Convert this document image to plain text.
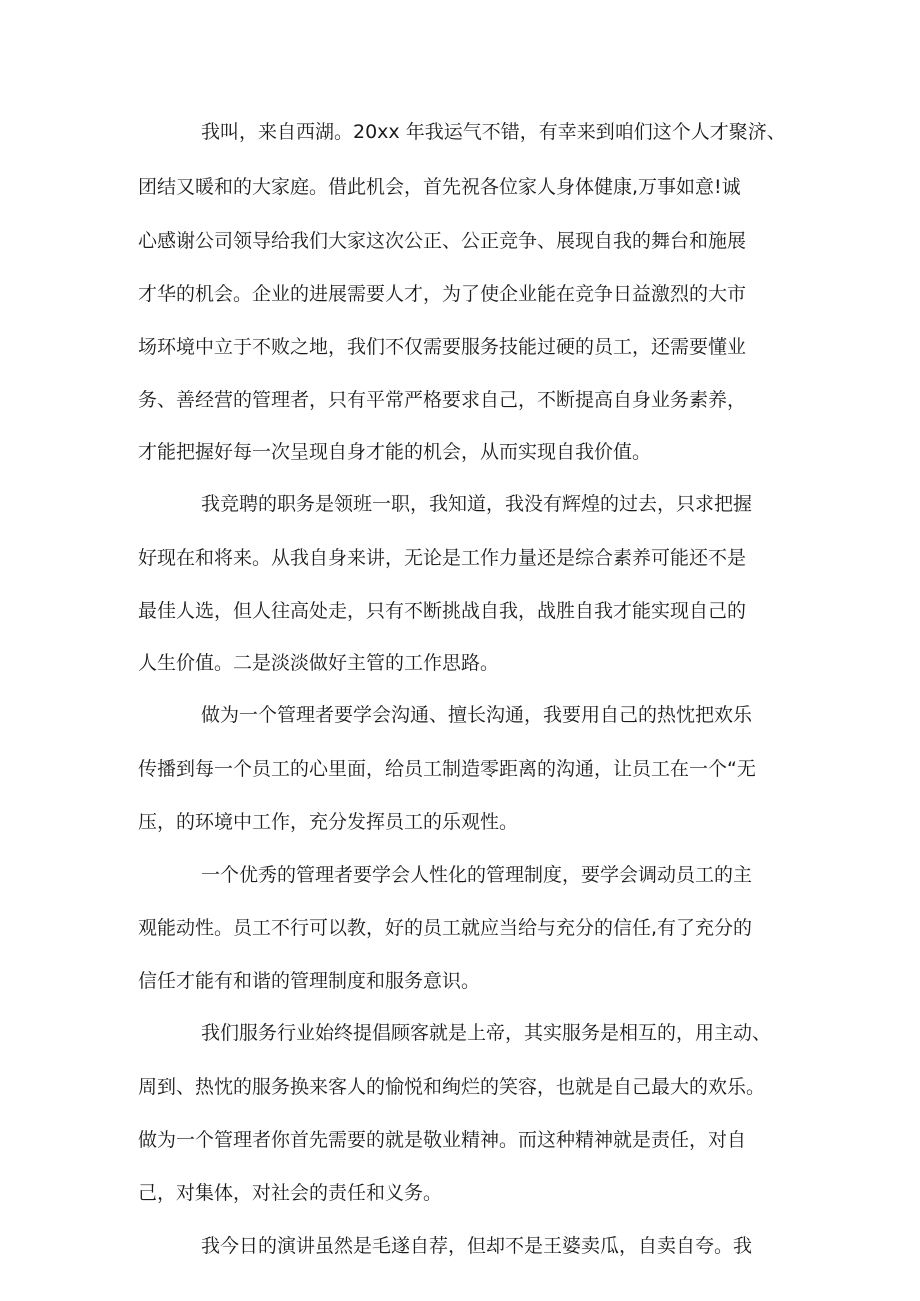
我叫，来自西湖。20xx 年我运气不错，有幸来到咱们这个人才聚济、
团结又暖和的大家庭。借此机会，首先祝各位家人身体健康,万事如意!诚
心感谢公司领导给我们大家这次公正、公正竞争、展现自我的舞台和施展
才华的机会。企业的进展需要人才，为了使企业能在竞争日益激烈的大市
场环境中立于不败之地，我们不仅需要服务技能过硬的员工，还需要懂业
务、善经营的管理者，只有平常严格要求自己，不断提高自身业务素养，
才能把握好每一次呈现自身才能的机会，从而实现自我价值。
我竞聘的职务是领班一职，我知道，我没有辉煌的过去，只求把握
好现在和将来。从我自身来讲，无论是工作力量还是综合素养可能还不是
最佳人选，但人往高处走，只有不断挑战自我，战胜自我才能实现自己的
人生价值。二是淡淡做好主管的工作思路。
做为一个管理者要学会沟通、擅长沟通，我要用自己的热忱把欢乐
传播到每一个员工的心里面，给员工制造零距离的沟通，让员工在一个“无
压，的环境中工作，充分发挥员工的乐观性。
一个优秀的管理者要学会人性化的管理制度，要学会调动员工的主
观能动性。员工不行可以教，好的员工就应当给与充分的信任,有了充分的
信任才能有和谐的管理制度和服务意识。
我们服务行业始终提倡顾客就是上帝，其实服务是相互的，用主动、
周到、热忱的服务换来客人的愉悦和绚烂的笑容，也就是自己最大的欢乐。
做为一个管理者你首先需要的就是敬业精神。而这种精神就是责任，对自
己，对集体，对社会的责任和义务。
我今日的演讲虽然是毛遂自荐，但却不是王婆卖瓜，自卖自夸。我
